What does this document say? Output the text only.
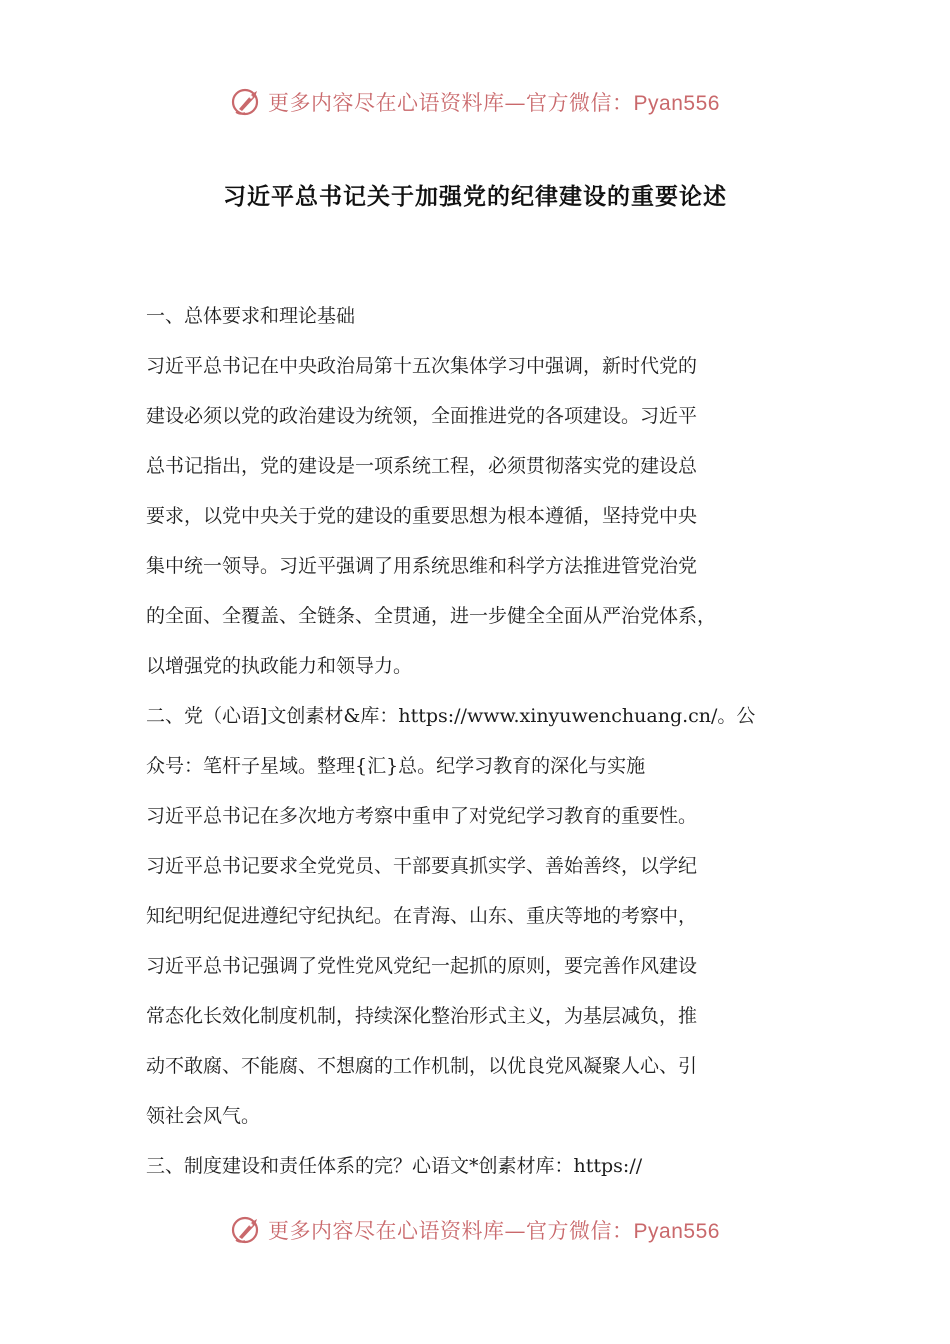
更多内容尽在心语资料库—官方微信：Pyan556
习近平总书记关于加强党的纪律建设的重要论述
一、总体要求和理论基础
习近平总书记在中央政治局第十五次集体学习中强调，新时代党的
建设必须以党的政治建设为统领，全面推进党的各项建设。习近平
总书记指出，党的建设是一项系统工程，必须贯彻落实党的建设总
要求，以党中央关于党的建设的重要思想为根本遵循，坚持党中央
集中统一领导。习近平强调了用系统思维和科学方法推进管党治党
的全面、全覆盖、全链条、全贯通，进一步健全全面从严治党体系，
以增强党的执政能力和领导力。
二、党（心语]文创素材&库：https://www.xinyuwenchuang.cn/。公
众号：笔杆子星域。整理{汇}总。纪学习教育的深化与实施
习近平总书记在多次地方考察中重申了对党纪学习教育的重要性。
习近平总书记要求全党党员、干部要真抓实学、善始善终，以学纪
知纪明纪促进遵纪守纪执纪。在青海、山东、重庆等地的考察中，
习近平总书记强调了党性党风党纪一起抓的原则，要完善作风建设
常态化长效化制度机制，持续深化整治形式主义，为基层减负，推
动不敢腐、不能腐、不想腐的工作机制，以优良党风凝聚人心、引
领社会风气。
三、制度建设和责任体系的完？心语文*创素材库：https://
更多内容尽在心语资料库—官方微信：Pyan556
